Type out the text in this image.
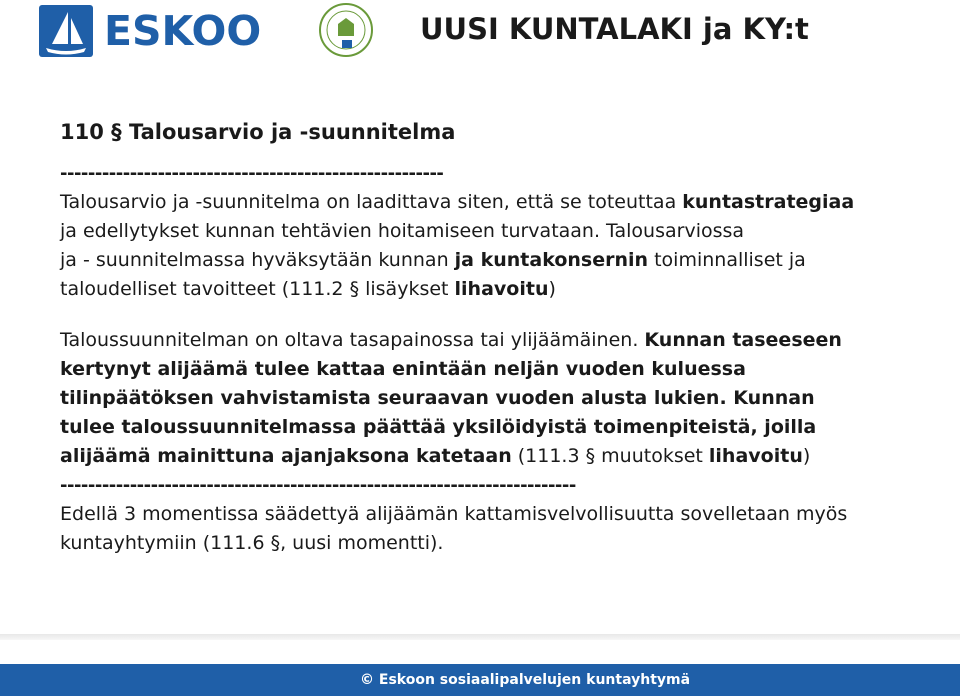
ESKOO	UUSI KUNTALAKI ja KY:t
110 § Talousarvio ja -suunnitelma
-------------------------------------------------------
Talousarvio ja -suunnitelma on laadittava siten, että se toteuttaa kuntastrategiaa
ja edellytykset kunnan tehtävien hoitamiseen turvataan. Talousarviossa
ja - suunnitelmassa hyväksytään kunnan ja kuntakonsernin toiminnalliset ja
taloudelliset tavoitteet (111.2 § lisäykset lihavoitu)
Taloussuunnitelman on oltava tasapainossa tai ylijäämäinen. Kunnan taseeseen
kertynyt alijäämä tulee kattaa enintään neljän vuoden kuluessa
tilinpäätöksen vahvistamista seuraavan vuoden alusta lukien. Kunnan
tulee taloussuunnitelmassa päättää yksilöidyistä toimenpiteistä, joilla
alijäämä mainittuna ajanjaksona katetaan (111.3 § muutokset lihavoitu)
--------------------------------------------------------------------------
Edellä 3 momentissa säädettyä alijäämän kattamisvelvollisuutta sovelletaan myös
kuntayhtymiin (111.6 §, uusi momentti).
© Eskoon sosiaalipalvelujen kuntayhtymä
